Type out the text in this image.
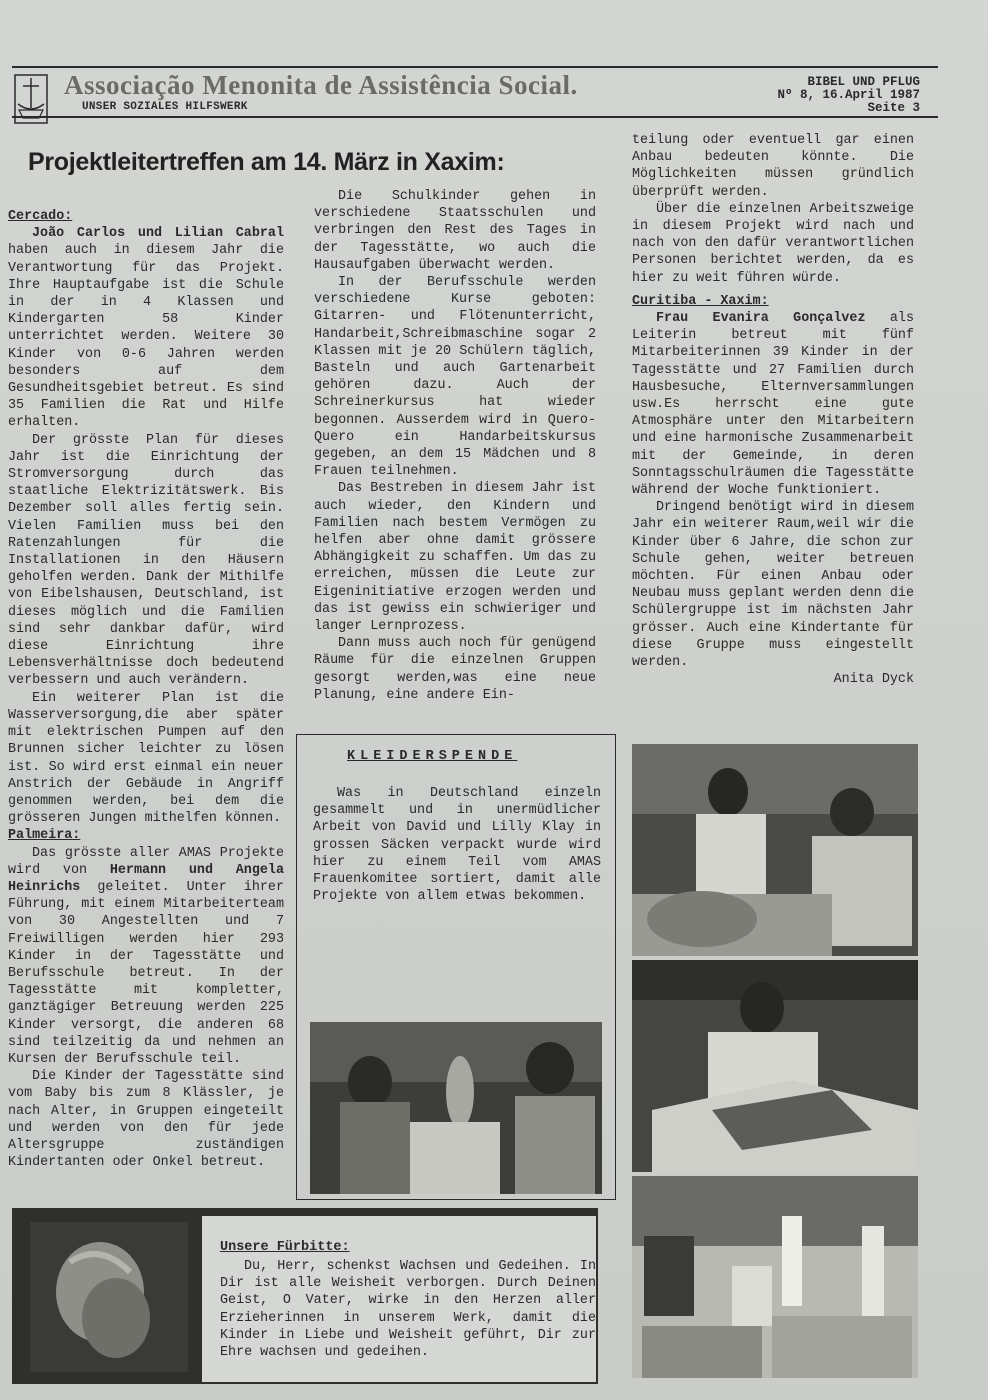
Associação Menonita de Assistência Social.
UNSER SOZIALES HILFSWERK
BIBEL UND PFLUG
Nº 8, 16.April 1987
Seite 3
Projektleitertreffen am 14. März in Xaxim:
Cercado:

João Carlos und Lilian Cabral haben auch in diesem Jahr die Verantwortung für das Projekt. Ihre Hauptaufgabe ist die Schule in der in 4 Klassen und Kindergarten 58 Kinder unterrichtet werden. Weitere 30 Kinder von 0-6 Jahren werden besonders auf dem Gesundheitsgebiet betreut. Es sind 35 Familien die Rat und Hilfe erhalten.

Der grösste Plan für dieses Jahr ist die Einrichtung der Stromversorgung durch das staatliche Elektrizitätswerk. Bis Dezember soll alles fertig sein. Vielen Familien muss bei den Ratenzahlungen für die Installationen in den Häusern geholfen werden. Dank der Mithilfe von Eibelshausen, Deutschland, ist dieses möglich und die Familien sind sehr dankbar dafür, wird diese Einrichtung ihre Lebensverhältnisse doch bedeutend verbessern und auch verändern.

Ein weiterer Plan ist die Wasserversorgung,die aber später mit elektrischen Pumpen auf den Brunnen sicher leichter zu lösen ist. So wird erst einmal ein neuer Anstrich der Gebäude in Angriff genommen werden, bei dem die grösseren Jungen mithelfen können.

Palmeira:

Das grösste aller AMAS Projekte wird von Hermann und Angela Heinrichs geleitet. Unter ihrer Führung, mit einem Mitarbeiterteam von 30 Angestellten und 7 Freiwilligen werden hier 293 Kinder in der Tagesstätte und Berufsschule betreut. In der Tagesstätte mit kompletter, ganztägiger Betreuung werden 225 Kinder versorgt, die anderen 68 sind teilzeitig da und nehmen an Kursen der Berufsschule teil.

Die Kinder der Tagesstätte sind vom Baby bis zum 8 Klässler, je nach Alter, in Gruppen eingeteilt und werden von den für jede Altersgruppe zuständigen Kindertanten oder Onkel betreut.

Die Schulkinder gehen in verschiedene Staatsschulen und verbringen den Rest des Tages in der Tagesstätte, wo auch die Hausaufgaben überwacht werden.

In der Berufsschule werden verschiedene Kurse geboten: Gitarren- und Flötenunterricht, Handarbeit,Schreibmaschine sogar 2 Klassen mit je 20 Schülern täglich, Basteln und auch Gartenarbeit gehören dazu. Auch der Schreinerkursus hat wieder begonnen. Ausserdem wird in Quero-Quero ein Handarbeitskursus gegeben, an dem 15 Mädchen und 8 Frauen teilnehmen.

Das Bestreben in diesem Jahr ist auch wieder, den Kindern und Familien nach bestem Vermögen zu helfen aber ohne damit grössere Abhängigkeit zu schaffen. Um das zu erreichen, müssen die Leute zur Eigeninitiative erzogen werden und das ist gewiss ein schwieriger und langer Lernprozess.

Dann muss auch noch für genügend Räume für die einzelnen Gruppen gesorgt werden,was eine neue Planung, eine andere Ein-

teilung oder eventuell gar einen Anbau bedeuten könnte. Die Möglichkeiten müssen gründlich überprüft werden.

Über die einzelnen Arbeitszweige in diesem Projekt wird nach und nach von den dafür verantwortlichen Personen berichtet werden, da es hier zu weit führen würde.

Curitiba - Xaxim:

Frau Evanira Gonçalvez als Leiterin betreut mit fünf Mitarbeiterinnen 39 Kinder in der Tagesstätte und 27 Familien durch Hausbesuche, Elternversammlungen usw.Es herrscht eine gute Atmosphäre unter den Mitarbeitern und eine harmonische Zusammenarbeit mit der Gemeinde, in deren Sonntagsschulräumen die Tagesstätte während der Woche funktioniert.

Dringend benötigt wird in diesem Jahr ein weiterer Raum,weil wir die Kinder über 6 Jahre, die schon zur Schule gehen, weiter betreuen möchten. Für einen Anbau oder Neubau muss geplant werden denn die Schülergruppe ist im nächsten Jahr grösser. Auch eine Kindertante für diese Gruppe muss eingestellt werden.

Anita Dyck
KLEIDERSPENDE

Was in Deutschland einzeln gesammelt und in unermüdlicher Arbeit von David und Lilly Klay in grossen Säcken verpackt wurde wird hier zu einem Teil vom AMAS Frauenkomitee sortiert, damit alle Projekte von allem etwas bekommen.

Unsere Fürbitte:

Du, Herr, schenkst Wachsen und Gedeihen. In Dir ist alle Weisheit verborgen. Durch Deinen Geist, O Vater, wirke in den Herzen aller Erzieherinnen in unserem Werk, damit die Kinder in Liebe und Weisheit geführt, Dir zur Ehre wachsen und gedeihen.
